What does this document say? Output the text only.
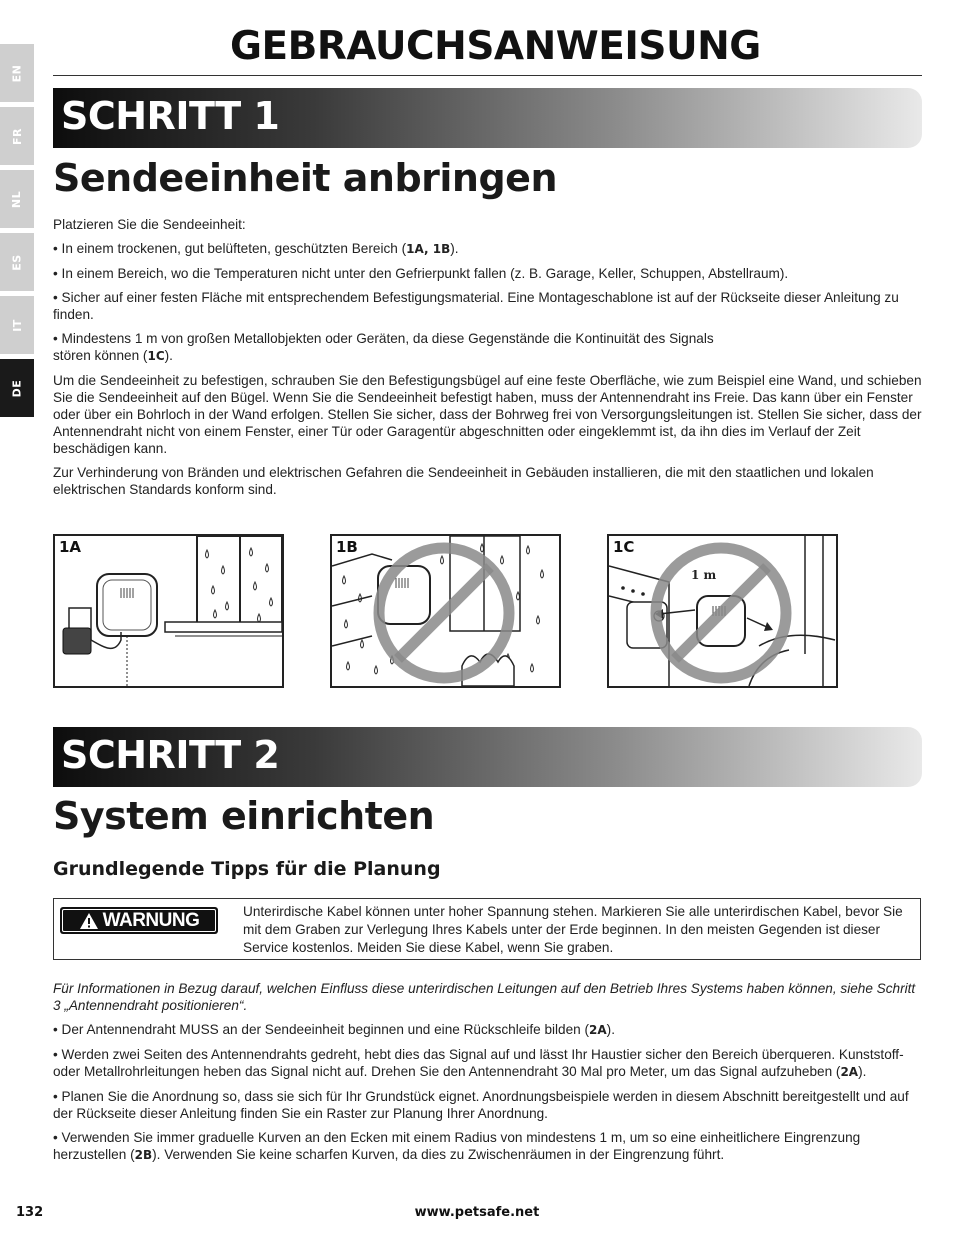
EN
FR
NL
ES
IT
DE
GEBRAUCHSANWEISUNG
SCHRITT 1
Sendeeinheit anbringen

Platzieren Sie die Sendeeinheit:

• In einem trockenen, gut belüfteten, geschützten Bereich (1A, 1B).

• In einem Bereich, wo die Temperaturen nicht unter den Gefrierpunkt fallen (z. B. Garage, Keller, Schuppen, Abstellraum).

• Sicher auf einer festen Fläche mit entsprechendem Befestigungsmaterial. Eine Montageschablone ist auf der Rückseite dieser Anleitung zu finden.

• Mindestens 1 m von großen Metallobjekten oder Geräten, da diese Gegenstände die Kontinuität des Signals
stören können (1C).

Um die Sendeeinheit zu befestigen, schrauben Sie den Befestigungsbügel auf eine feste Oberfläche, wie zum Beispiel eine Wand, und schieben Sie die Sendeeinheit auf den Bügel. Wenn Sie die Sendeeinheit befestigt haben, muss der Antennendraht ins Freie. Das kann über ein Fenster oder über ein Bohrloch in der Wand erfolgen. Stellen Sie sicher, dass der Bohrweg frei von Versorgungsleitungen ist. Stellen Sie sicher, dass der Antennendraht nicht von einem Fenster, einer Tür oder Garagentür abgeschnitten oder eingeklemmt ist, da ihn dies im Verlauf der Zeit beschädigen kann.

Zur Verhinderung von Bränden und elektrischen Gefahren die Sendeeinheit in Gebäuden installieren, die mit den staatlichen und lokalen elektrischen Standards konform sind.

1A	1B	1C
1 m
SCHRITT 2
System einrichten
Grundlegende Tipps für die Planung
WARNUNG	Unterirdische Kabel können unter hoher Spannung stehen. Markieren Sie alle unterirdischen Kabel, bevor Sie mit dem Graben zur Verlegung Ihres Kabels unter der Erde beginnen. In den meisten Gegenden ist dieser Service kostenlos. Meiden Sie diese Kabel, wenn Sie graben.

Für Informationen in Bezug darauf, welchen Einfluss diese unterirdischen Leitungen auf den Betrieb Ihres Systems haben können, siehe Schritt 3 „Antennendraht positionieren“.

• Der Antennendraht MUSS an der Sendeeinheit beginnen und eine Rückschleife bilden (2A).

• Werden zwei Seiten des Antennendrahts gedreht, hebt dies das Signal auf und lässt Ihr Haustier sicher den Bereich überqueren. Kunststoff- oder Metallrohrleitungen heben das Signal nicht auf. Drehen Sie den Antennendraht 30 Mal pro Meter, um das Signal aufzuheben (2A).

• Planen Sie die Anordnung so, dass sie sich für Ihr Grundstück eignet. Anordnungsbeispiele werden in diesem Abschnitt bereitgestellt und auf der Rückseite dieser Anleitung finden Sie ein Raster zur Planung Ihrer Anordnung.

• Verwenden Sie immer graduelle Kurven an den Ecken mit einem Radius von mindestens 1 m, um so eine einheitlichere Eingrenzung herzustellen (2B). Verwenden Sie keine scharfen Kurven, da dies zu Zwischenräumen in der Eingrenzung führt.

132	www.petsafe.net
